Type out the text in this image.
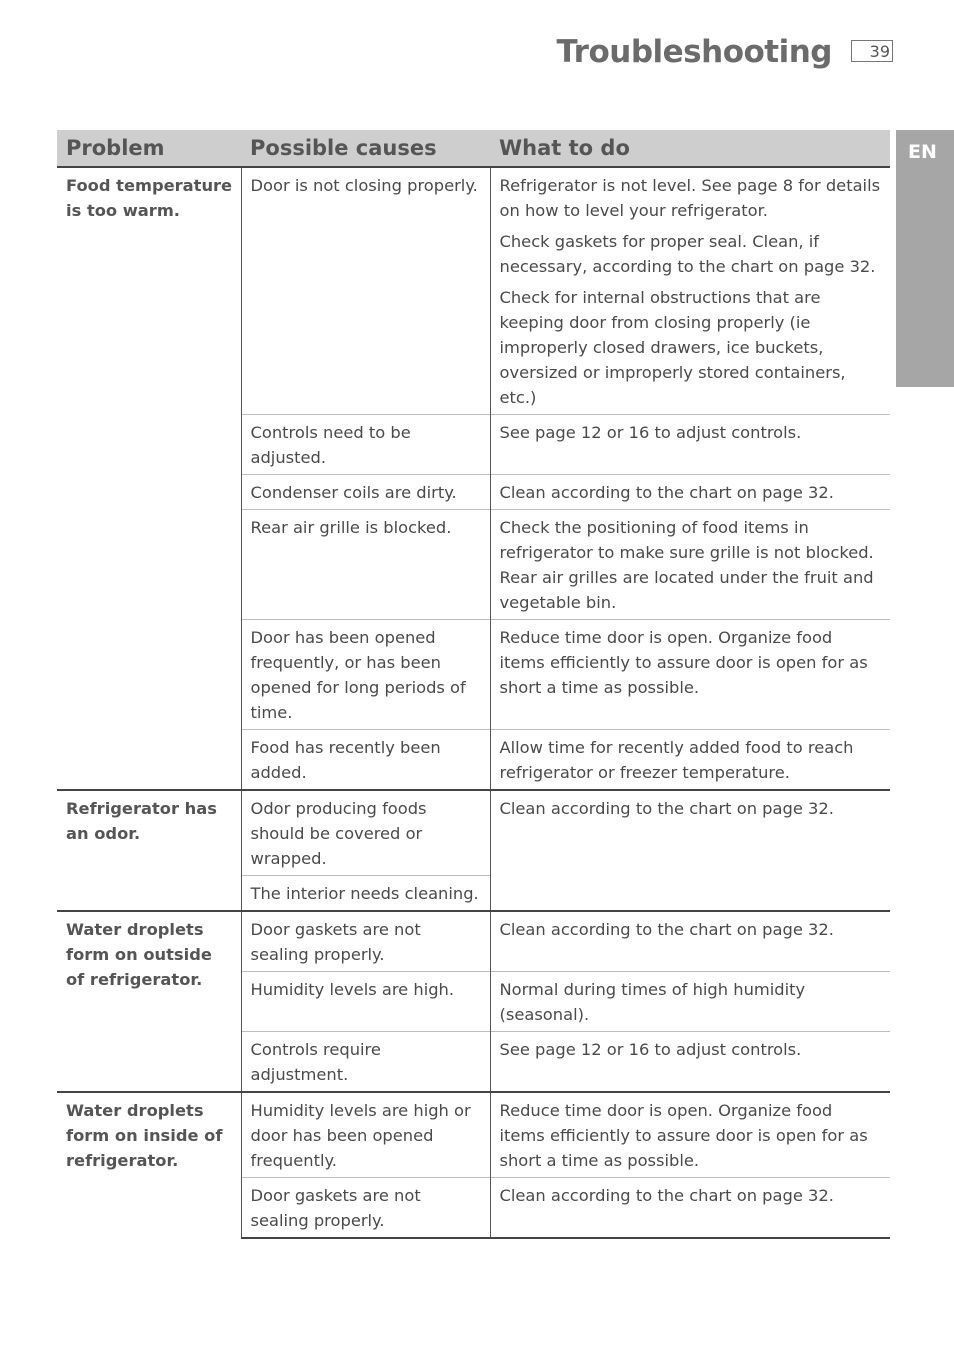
Troubleshooting	39
EN
Problem	Possible causes	What to do
Food temperature is too warm.	Door is not closing properly.	Refrigerator is not level. See page 8 for details on how to level your refrigerator.

Check gaskets for proper seal. Clean, if necessary, according to the chart on page 32.

Check for internal obstructions that are keeping door from closing properly (ie improperly closed drawers, ice buckets, oversized or improperly stored containers, etc.)

	Controls need to be adjusted.	See page 12 or 16 to adjust controls.
	Condenser coils are dirty.	Clean according to the chart on page 32.
	Rear air grille is blocked.	Check the positioning of food items in refrigerator to make sure grille is not blocked. Rear air grilles are located under the fruit and vegetable bin.
	Door has been opened frequently, or has been opened for long periods of time.	Reduce time door is open. Organize food items efficiently to assure door is open for as short a time as possible.
	Food has recently been added.	Allow time for recently added food to reach refrigerator or freezer temperature.
Refrigerator has an odor.	Odor producing foods should be covered or wrapped.	Clean according to the chart on page 32.
	The interior needs cleaning.	
Water droplets form on outside of refrigerator.	Door gaskets are not sealing properly.	Clean according to the chart on page 32.
	Humidity levels are high.	Normal during times of high humidity (seasonal).
	Controls require adjustment.	See page 12 or 16 to adjust controls.
Water droplets form on inside of refrigerator.	Humidity levels are high or door has been opened frequently.	Reduce time door is open. Organize food items efficiently to assure door is open for as short a time as possible.
	Door gaskets are not sealing properly.	Clean according to the chart on page 32.
